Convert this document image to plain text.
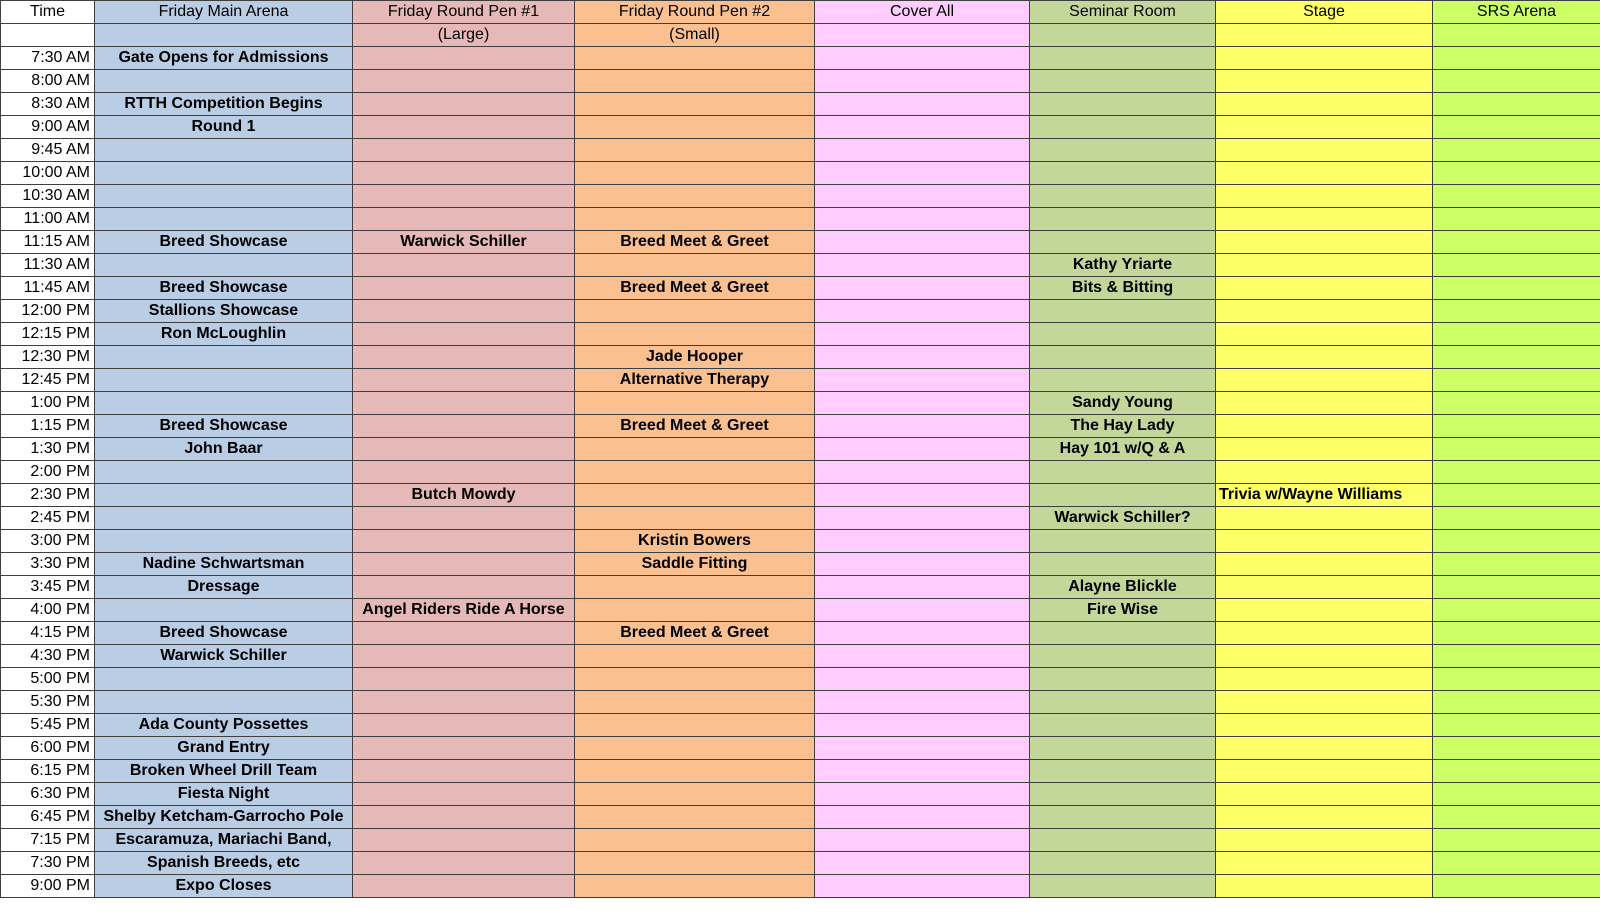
Time	Friday Main Arena	Friday Round Pen #1	Friday Round Pen #2	Cover All	Seminar Room	Stage	SRS Arena
		(Large)	(Small)				
7:30 AM	Gate Opens for Admissions						
8:00 AM							
8:30 AM	RTTH Competition Begins						
9:00 AM	Round 1						
9:45 AM							
10:00 AM							
10:30 AM							
11:00 AM							
11:15 AM	Breed Showcase	Warwick Schiller	Breed Meet & Greet				
11:30 AM					Kathy Yriarte		
11:45 AM	Breed Showcase		Breed Meet & Greet		Bits & Bitting		
12:00 PM	Stallions Showcase						
12:15 PM	Ron McLoughlin						
12:30 PM			Jade Hooper				
12:45 PM			Alternative Therapy				
1:00 PM					Sandy Young		
1:15 PM	Breed Showcase		Breed Meet & Greet		The Hay Lady		
1:30 PM	John Baar				Hay 101 w/Q & A		
2:00 PM							
2:30 PM		Butch Mowdy				Trivia w/Wayne Williams	
2:45 PM					Warwick Schiller?		
3:00 PM			Kristin Bowers				
3:30 PM	Nadine Schwartsman		Saddle Fitting				
3:45 PM	Dressage				Alayne Blickle		
4:00 PM		Angel Riders Ride A Horse			Fire Wise		
4:15 PM	Breed Showcase		Breed Meet & Greet				
4:30 PM	Warwick Schiller						
5:00 PM							
5:30 PM							
5:45 PM	Ada County Possettes						
6:00 PM	Grand Entry						
6:15 PM	Broken Wheel Drill Team						
6:30 PM	Fiesta Night						
6:45 PM	Shelby Ketcham-Garrocho Pole						
7:15 PM	Escaramuza, Mariachi Band,						
7:30 PM	Spanish Breeds, etc						
9:00 PM	Expo Closes						
